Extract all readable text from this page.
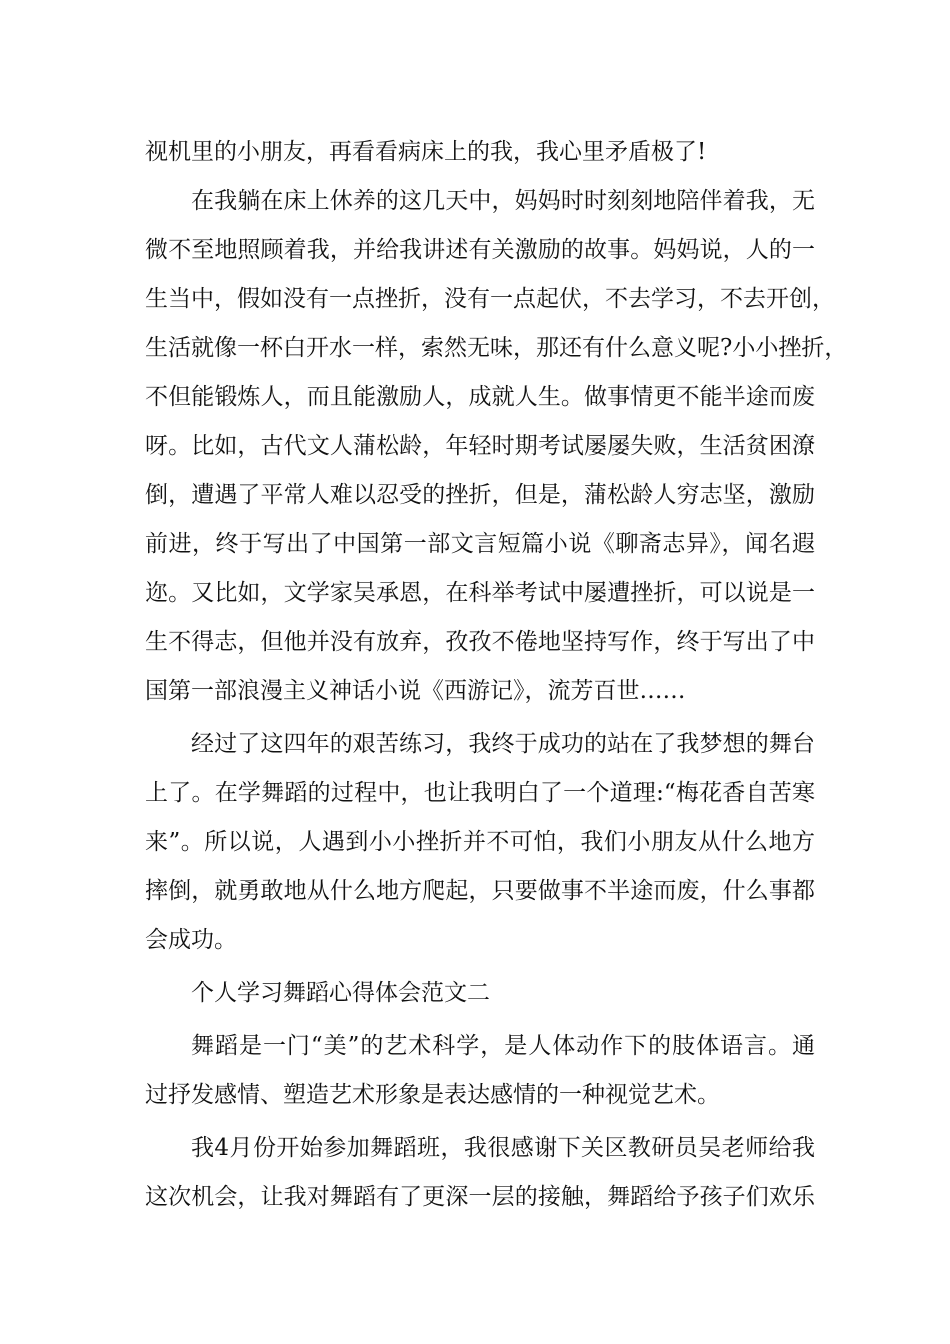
视机里的小朋友，再看看病床上的我，我心里矛盾极了!
在我躺在床上休养的这几天中，妈妈时时刻刻地陪伴着我，无
微不至地照顾着我，并给我讲述有关激励的故事。妈妈说，人的一
生当中，假如没有一点挫折，没有一点起伏，不去学习，不去开创，
生活就像一杯白开水一样，索然无味，那还有什么意义呢?小小挫折，
不但能锻炼人，而且能激励人，成就人生。做事情更不能半途而废
呀。比如，古代文人蒲松龄，年轻时期考试屡屡失败，生活贫困潦
倒，遭遇了平常人难以忍受的挫折，但是，蒲松龄人穷志坚，激励
前进，终于写出了中国第一部文言短篇小说《聊斋志异》，闻名遐
迩。又比如，文学家吴承恩，在科举考试中屡遭挫折，可以说是一
生不得志，但他并没有放弃，孜孜不倦地坚持写作，终于写出了中
国第一部浪漫主义神话小说《西游记》，流芳百世……
经过了这四年的艰苦练习，我终于成功的站在了我梦想的舞台
上了。在学舞蹈的过程中，也让我明白了一个道理:“梅花香自苦寒
来”。所以说，人遇到小小挫折并不可怕，我们小朋友从什么地方
摔倒，就勇敢地从什么地方爬起，只要做事不半途而废，什么事都
会成功。
个人学习舞蹈心得体会范文二
舞蹈是一门“美”的艺术科学，是人体动作下的肢体语言。通
过抒发感情、塑造艺术形象是表达感情的一种视觉艺术。
我4月份开始参加舞蹈班，我很感谢下关区教研员吴老师给我
这次机会，让我对舞蹈有了更深一层的接触，舞蹈给予孩子们欢乐
